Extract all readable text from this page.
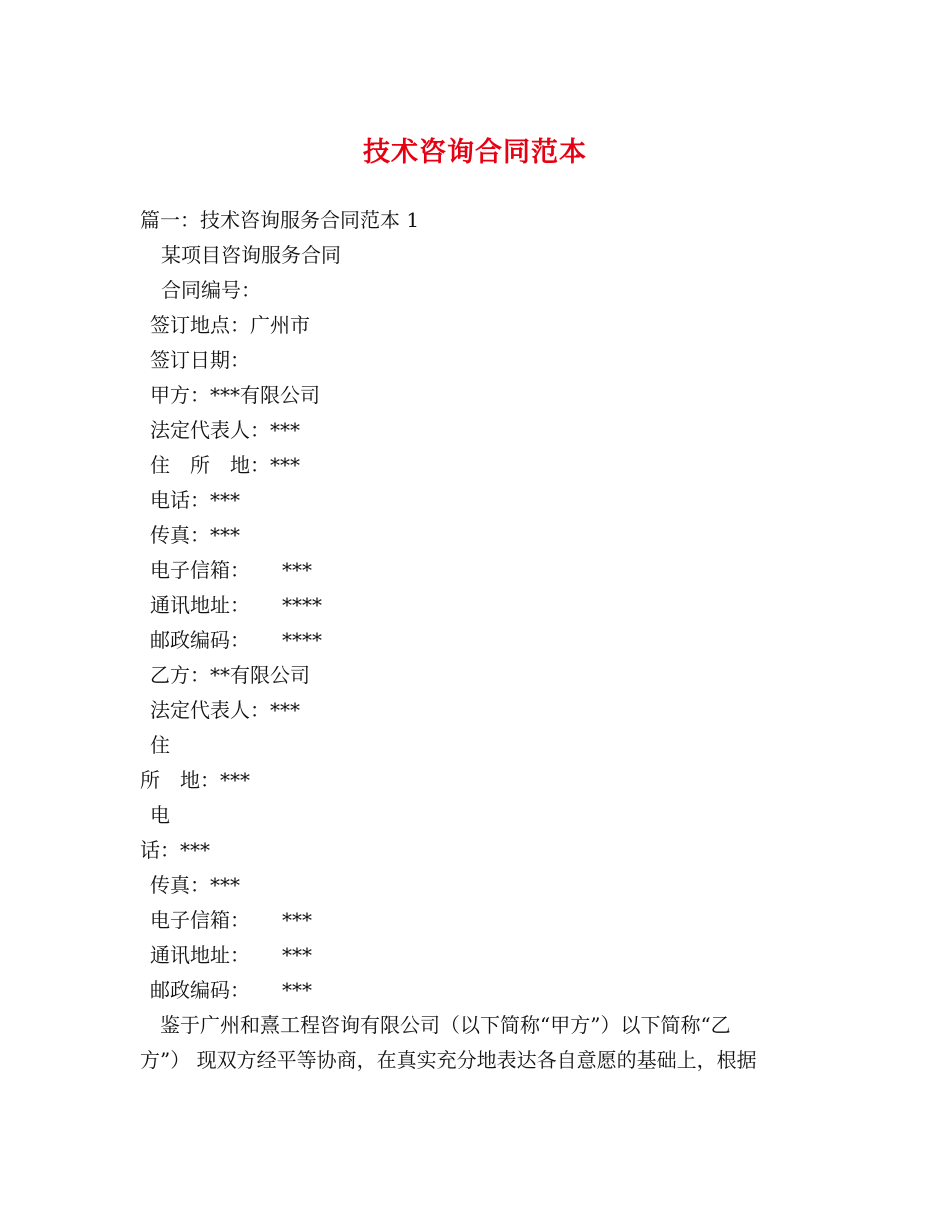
技术咨询合同范本
篇一：技术咨询服务合同范本 1
某项目咨询服务合同
合同编号：
签订地点：广州市
签订日期：
甲方：***有限公司
法定代表人：***
住　所　地：***
电话：***
传真：***
电子信箱： ***
通讯地址： ****
邮政编码： ****
乙方：**有限公司
法定代表人：***
住
所　地：***
电
话：***
传真：***
电子信箱： ***
通讯地址： ***
邮政编码： ***
　鉴于广州和熹工程咨询有限公司（以下简称“甲方”）以下简称“乙
方”） 现双方经平等协商，在真实充分地表达各自意愿的基础上，根据
